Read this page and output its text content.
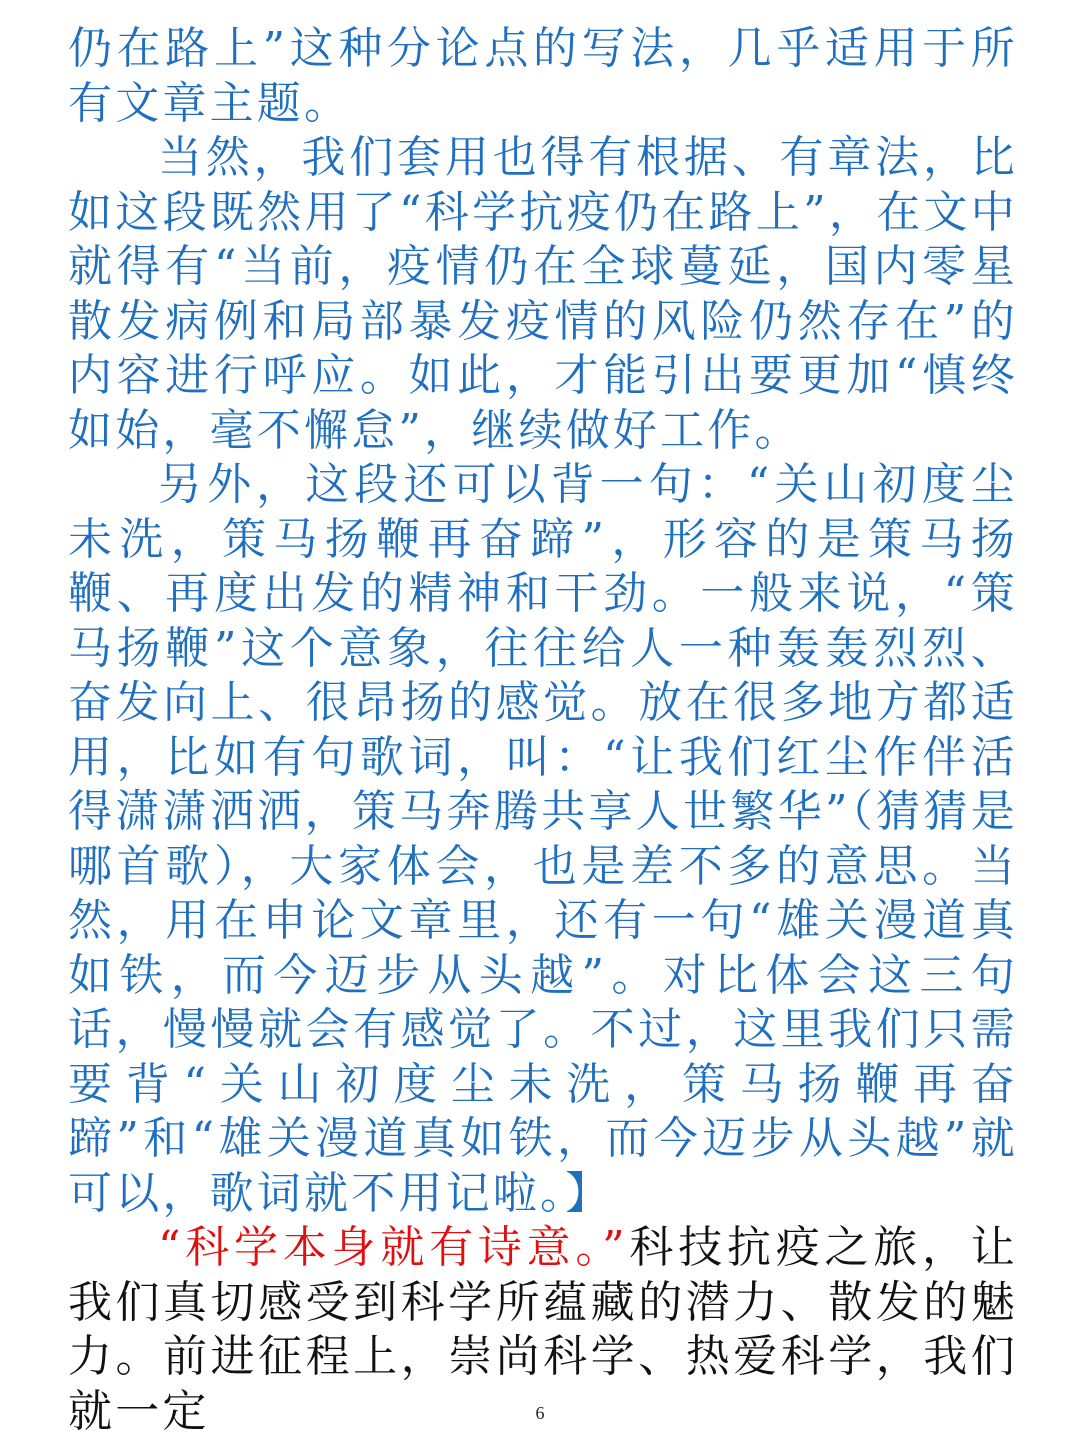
仍在路上”这种分论点的写法，几乎适用于所有文章主题。

当然，我们套用也得有根据、有章法，比如这段既然用了“科学抗疫仍在路上”，在文中就得有“当前，疫情仍在全球蔓延，国内零星散发病例和局部暴发疫情的风险仍然存在”的内容进行呼应。如此，才能引出要更加“慎终如始，毫不懈怠”，继续做好工作。

另外，这段还可以背一句：“关山初度尘未洗，策马扬鞭再奋蹄”，形容的是策马扬鞭、再度出发的精神和干劲。一般来说，“策马扬鞭”这个意象，往往给人一种轰轰烈烈、奋发向上、很昂扬的感觉。放在很多地方都适用，比如有句歌词，叫：“让我们红尘作伴活得潇潇洒洒，策马奔腾共享人世繁华”（猜猜是哪首歌），大家体会，也是差不多的意思。当然，用在申论文章里，还有一句“雄关漫道真如铁，而今迈步从头越”。对比体会这三句话，慢慢就会有感觉了。不过，这里我们只需要背“关山初度尘未洗，策马扬鞭再奋蹄”和“雄关漫道真如铁，而今迈步从头越”就可以，歌词就不用记啦。】

“科学本身就有诗意。”科技抗疫之旅，让我们真切感受到科学所蕴藏的潜力、散发的魅力。前进征程上，崇尚科学、热爱科学，我们就一定	6
